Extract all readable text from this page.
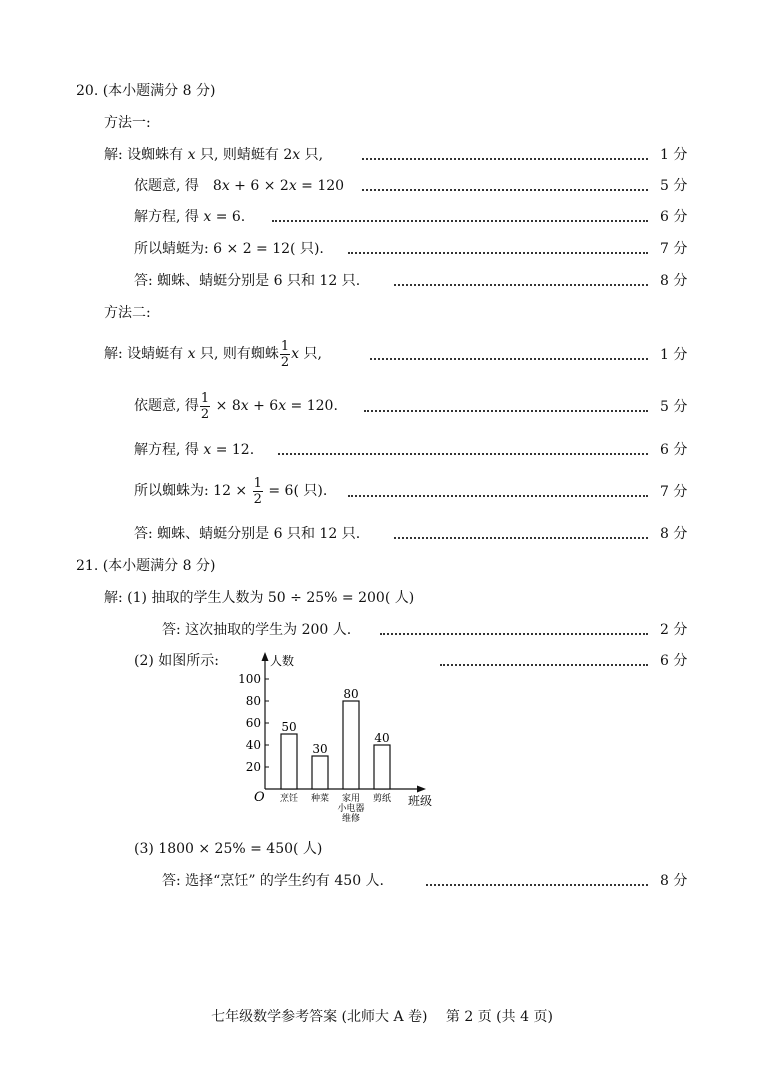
20. (本小题满分 8 分)
方法一:
解: 设蜘蛛有 x 只, 则蜻蜓有 2x 只,	1 分
依题意, 得　8x + 6 × 2x = 120	5 分
解方程, 得 x = 6.	6 分
所以蜻蜓为: 6 × 2 = 12( 只).	7 分
答: 蜘蛛、蜻蜓分别是 6 只和 12 只.	8 分
方法二:
解: 设蜻蜓有 x 只, 则有蜘蛛 $\frac{1}{2}$ x 只,	1 分
依题意, 得 $\frac{1}{2} \times 8x + 6x = 120$.	5 分
解方程, 得 x = 12.	6 分
所以蜘蛛为: $12 \times \frac{1}{2} = 6$( 只).	7 分
答: 蜘蛛、蜻蜓分别是 6 只和 12 只.	8 分
21. (本小题满分 8 分)
解: (1) 抽取的学生人数为 50 ÷ 25% = 200( 人)
答: 这次抽取的学生为 200 人.	2 分
(2) 如图所示:	6 分
人数
班级
O
20
40
60
80
100
50
30
80
40
烹饪 种菜 家用
小电器
维修
剪纸
(3) 1800 × 25% = 450( 人)
答: 选择“烹饪” 的学生约有 450 人.	8 分
七年级数学参考答案 (北师大 A 卷)　 第 2 页 (共 4 页)
